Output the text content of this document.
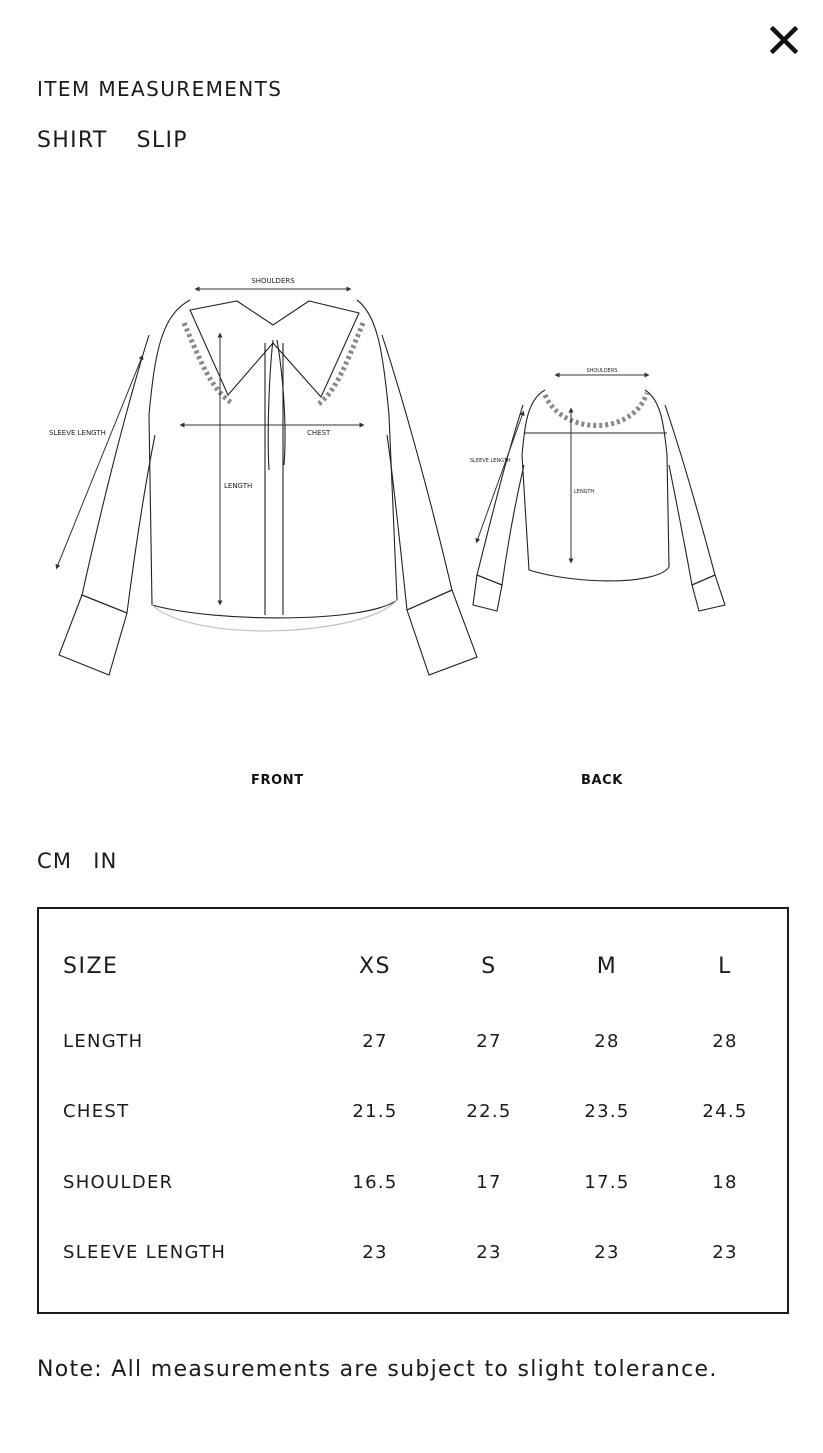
ITEM MEASUREMENTS
SHIRT SLIP
SHOULDERS
SLEEVE LENGTH	CHEST
LENGTH
SHOULDERS
SLEEVE LENGTH
LENGTH
FRONT	BACK
CM IN
SIZE	XS	S	M	L
LENGTH	27	27	28	28
CHEST	21.5	22.5	23.5	24.5
SHOULDER	16.5	17	17.5	18
SLEEVE LENGTH	23	23	23	23
Note: All measurements are subject to slight tolerance.
